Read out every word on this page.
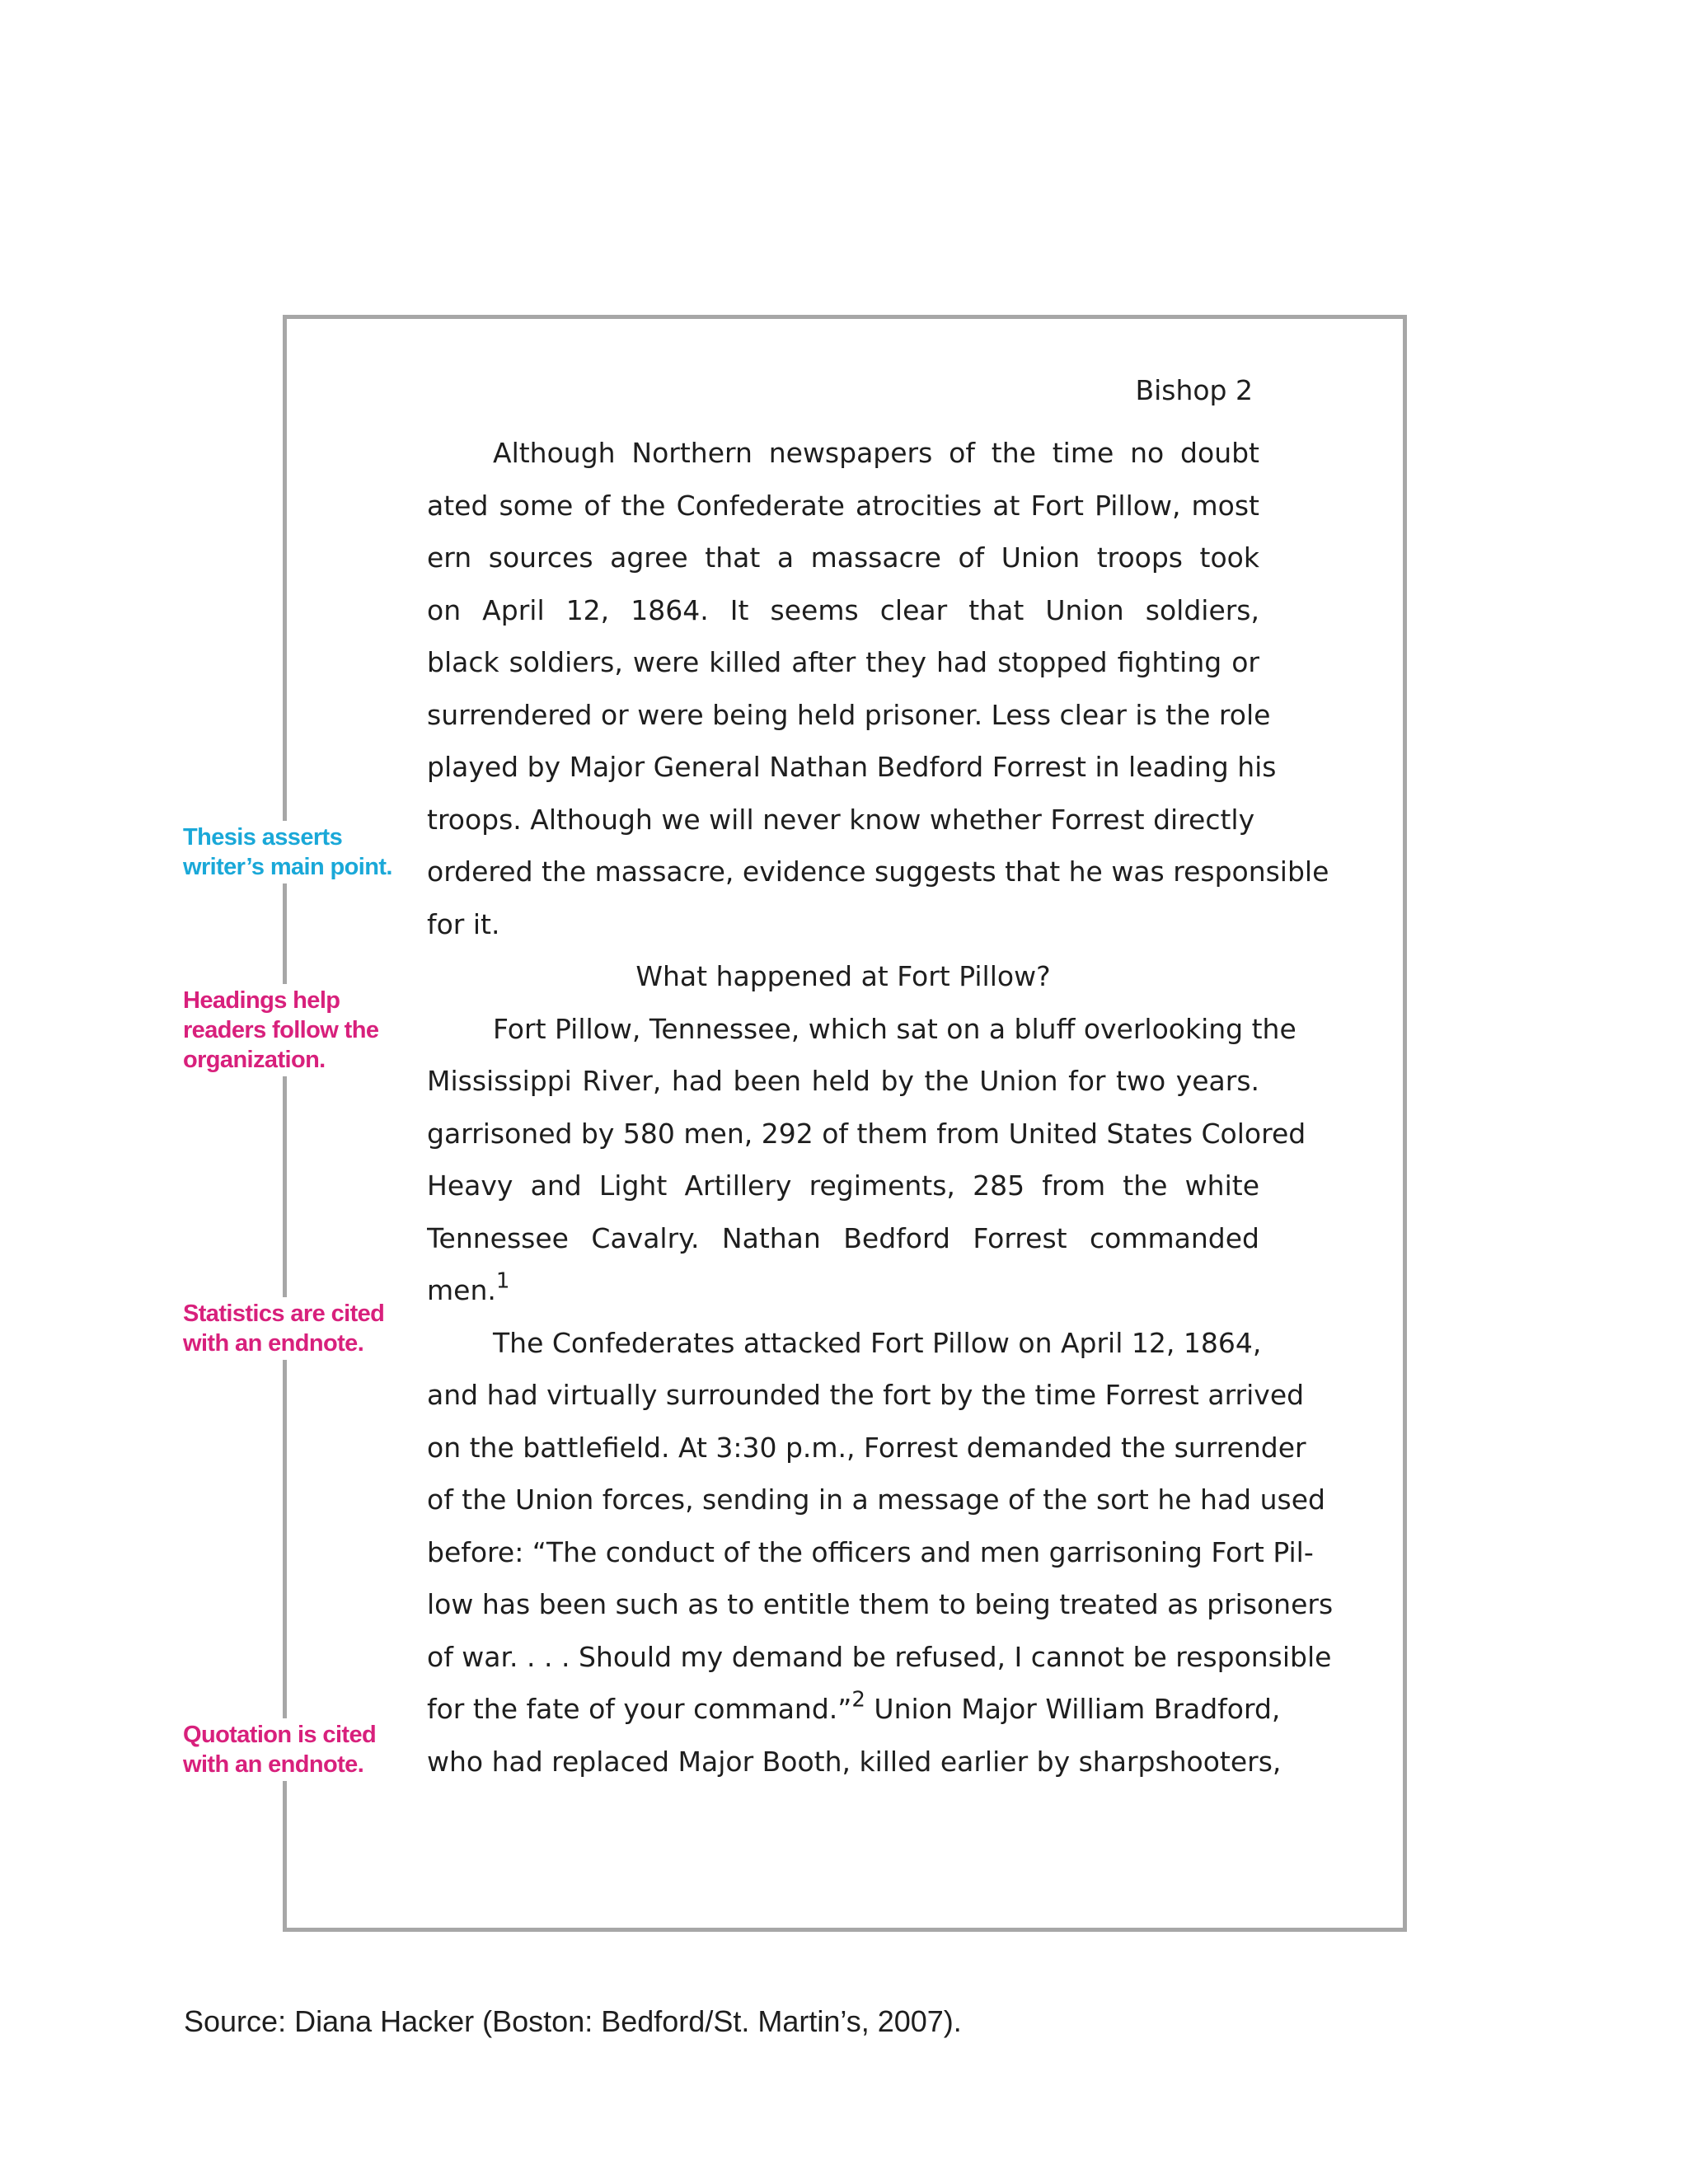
Bishop 2

Although Northern newspapers of the time no doubt
ated some of the Confederate atrocities at Fort Pillow, most
ern sources agree that a massacre of Union troops took
on April 12, 1864. It seems clear that Union soldiers,
black soldiers, were killed after they had stopped fighting or
surrendered or were being held prisoner. Less clear is the role
played by Major General Nathan Bedford Forrest in leading his
troops. Although we will never know whether Forrest directly
ordered the massacre, evidence suggests that he was responsible
for it.
What happened at Fort Pillow?
Fort Pillow, Tennessee, which sat on a bluff overlooking the
Mississippi River, had been held by the Union for two years.
garrisoned by 580 men, 292 of them from United States Colored
Heavy and Light Artillery regiments, 285 from the white
Tennessee Cavalry. Nathan Bedford Forrest commanded
men.$^1$
The Confederates attacked Fort Pillow on April 12, 1864,
and had virtually surrounded the fort by the time Forrest arrived
on the battlefield. At 3:30 p.m., Forrest demanded the surrender
of the Union forces, sending in a message of the sort he had used
before: “The conduct of the officers and men garrisoning Fort Pil-
low has been such as to entitle them to being treated as prisoners
of war. . . . Should my demand be refused, I cannot be responsible
for the fate of your command.”$^2$ Union Major William Bradford,
who had replaced Major Booth, killed earlier by sharpshooters,
Thesis asserts
writer’s main point.
Headings help
readers follow the
organization.
Statistics are cited
with an endnote.
Quotation is cited
with an endnote.

Source: Diana Hacker (Boston: Bedford/St. Martin’s, 2007).
